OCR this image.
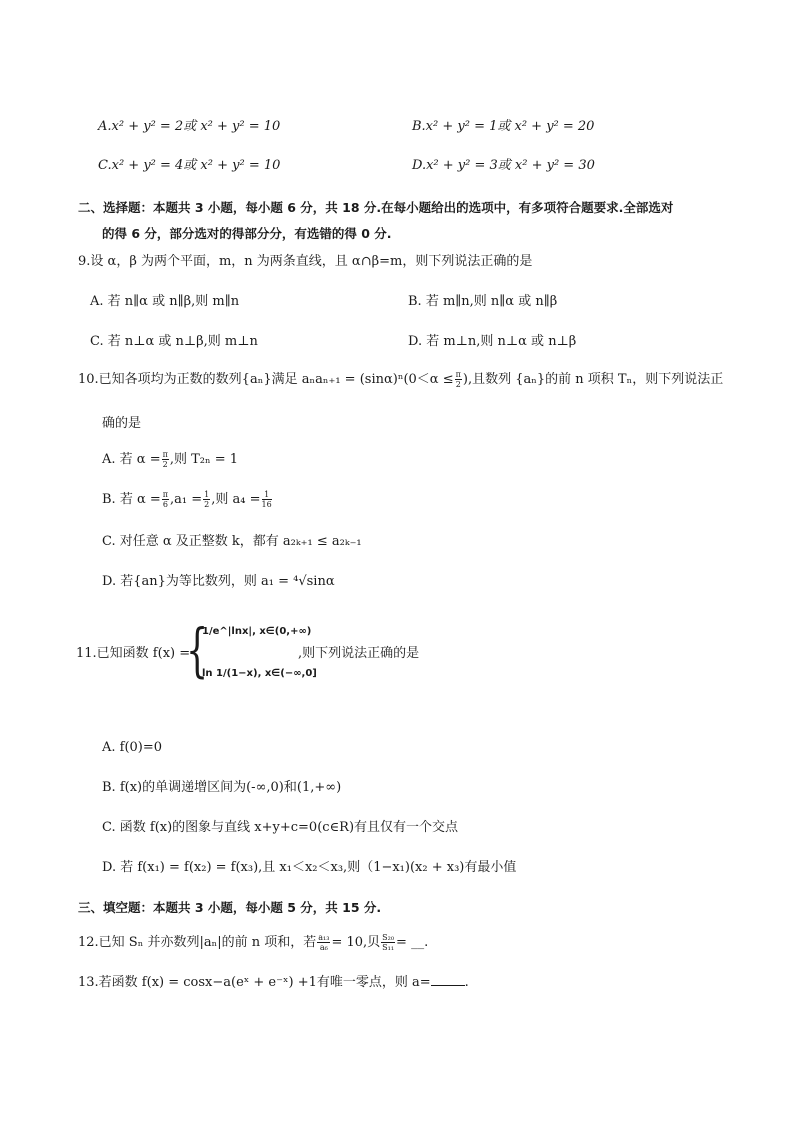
A.x² + y² = 2或 x² + y² = 10	B.x² + y² = 1或 x² + y² = 20
C.x² + y² = 4或 x² + y² = 10	D.x² + y² = 3或 x² + y² = 30
二、选择题：本题共 3 小题，每小题 6 分，共 18 分.在每小题给出的选项中，有多项符合题要求.全部选对
的得 6 分，部分选对的得部分分，有选错的得 0 分.
9.设 α，β 为两个平面，m，n 为两条直线，且 α∩β=m，则下列说法正确的是
A. 若 n∥α 或 n∥β,则 m∥n	B. 若 m∥n,则 n∥α 或 n∥β
C. 若 n⊥α 或 n⊥β,则 m⊥n	D. 若 m⊥n,则 n⊥α 或 n⊥β
10.已知各项均为正数的数列{aₙ}满足 $a_na_{n+1} = (\sin\alpha)^n(0<\alpha \le \frac{\pi}{2}$ ),且数列 {aₙ}的前 n 项积 Tₙ，则下列说法正
确的是
A. 若 $\alpha = \frac{\pi}{2}$ ,则 T₂ₙ = 1
B. 若 $\alpha = \frac{\pi}{6} ,a_1 = \frac{1}{2}$ ,则 $a_4 = \frac{1}{16}$
C. 对任意 α 及正整数 k，都有 a₂ₖ₊₁ ≤ a₂ₖ₋₁
D. 若{an}为等比数列，则 a₁ = ⁴√sinα
11.已知函数 f(x) =
{
1/e^|lnx|, x∈(0,+∞)
ln 1/(1−x), x∈(−∞,0]
,则下列说法正确的是
A. f(0)=0
B. f(x)的单调递增区间为(-∞,0)和(1,+∞)
C. 函数 f(x)的图象与直线 x+y+c=0(c∈R)有且仅有一个交点
D. 若 f(x₁) = f(x₂) = f(x₃),且 x₁＜x₂＜x₃,则（1−x₁)(x₂ + x₃)有最小值
三、填空题：本题共 3 小题，每小题 5 分，共 15 分.
12.已知 Sₙ 并亦数列|aₙ|的前 n 项和，若 $\frac{\text{a₁₃}}{\text{a₆}} = 10$,贝 $\frac{\text{S₂₀}}{\text{S₁₁}}$ = __.
13.若函数 f(x) = cosx−a(eˣ + e⁻ˣ) +1有唯一零点，则 a=	.
